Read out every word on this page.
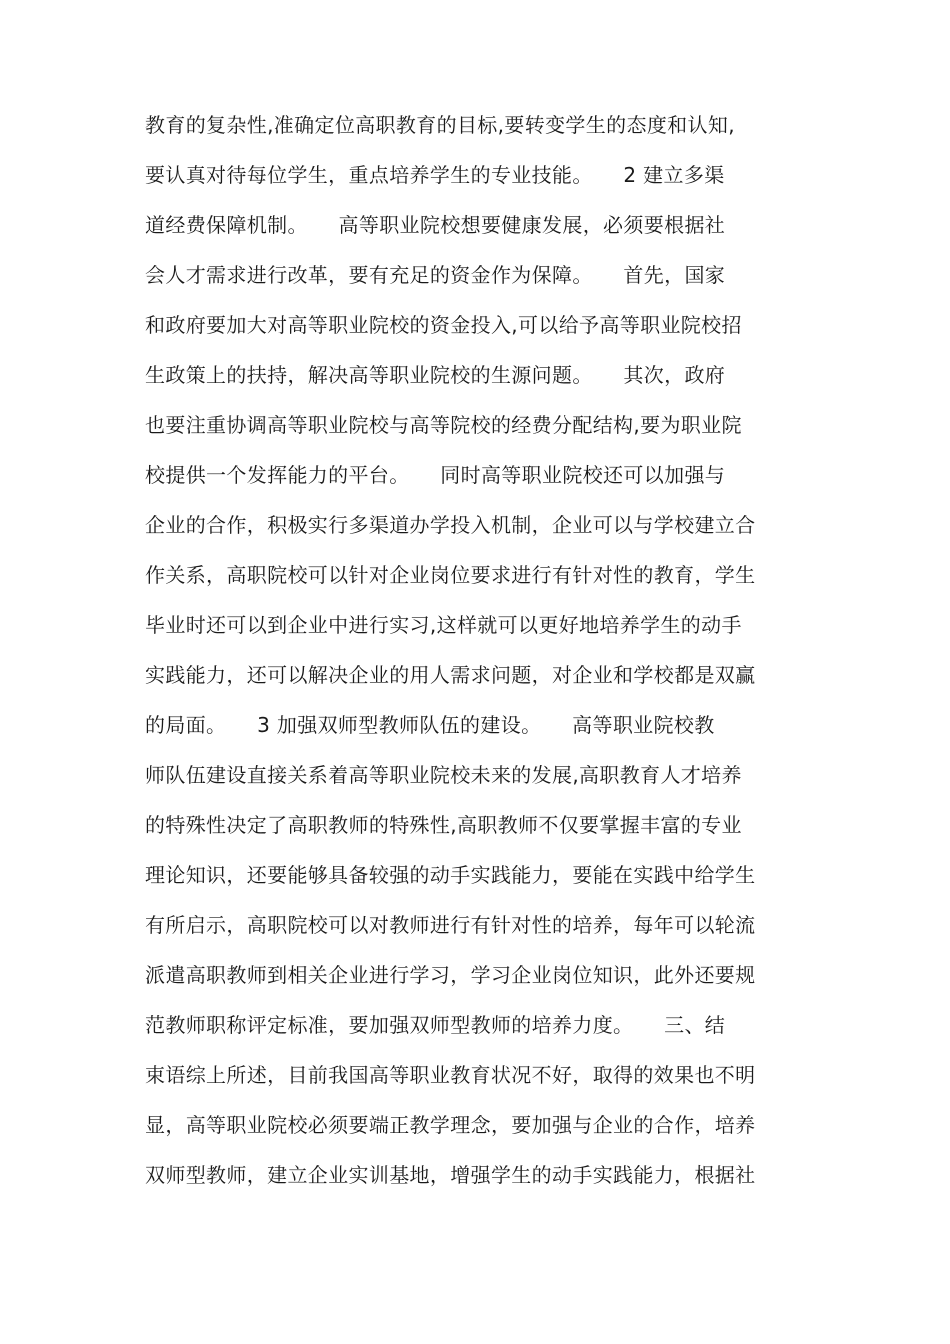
教育的复杂性,准确定位高职教育的目标,要转变学生的态度和认知,
要认真对待每位学生，重点培养学生的专业技能。　　2 建立多渠
道经费保障机制。　　高等职业院校想要健康发展，必须要根据社
会人才需求进行改革，要有充足的资金作为保障。　　首先，国家
和政府要加大对高等职业院校的资金投入,可以给予高等职业院校招
生政策上的扶持，解决高等职业院校的生源问题。　　其次，政府
也要注重协调高等职业院校与高等院校的经费分配结构,要为职业院
校提供一个发挥能力的平台。　　同时高等职业院校还可以加强与
企业的合作，积极实行多渠道办学投入机制，企业可以与学校建立合
作关系，高职院校可以针对企业岗位要求进行有针对性的教育，学生
毕业时还可以到企业中进行实习,这样就可以更好地培养学生的动手
实践能力，还可以解决企业的用人需求问题，对企业和学校都是双赢
的局面。　　3 加强双师型教师队伍的建设。　　高等职业院校教
师队伍建设直接关系着高等职业院校未来的发展,高职教育人才培养
的特殊性决定了高职教师的特殊性,高职教师不仅要掌握丰富的专业
理论知识，还要能够具备较强的动手实践能力，要能在实践中给学生
有所启示，高职院校可以对教师进行有针对性的培养，每年可以轮流
派遣高职教师到相关企业进行学习，学习企业岗位知识，此外还要规
范教师职称评定标准，要加强双师型教师的培养力度。　　三、结
束语综上所述，目前我国高等职业教育状况不好，取得的效果也不明
显，高等职业院校必须要端正教学理念，要加强与企业的合作，培养
双师型教师，建立企业实训基地，增强学生的动手实践能力，根据社
